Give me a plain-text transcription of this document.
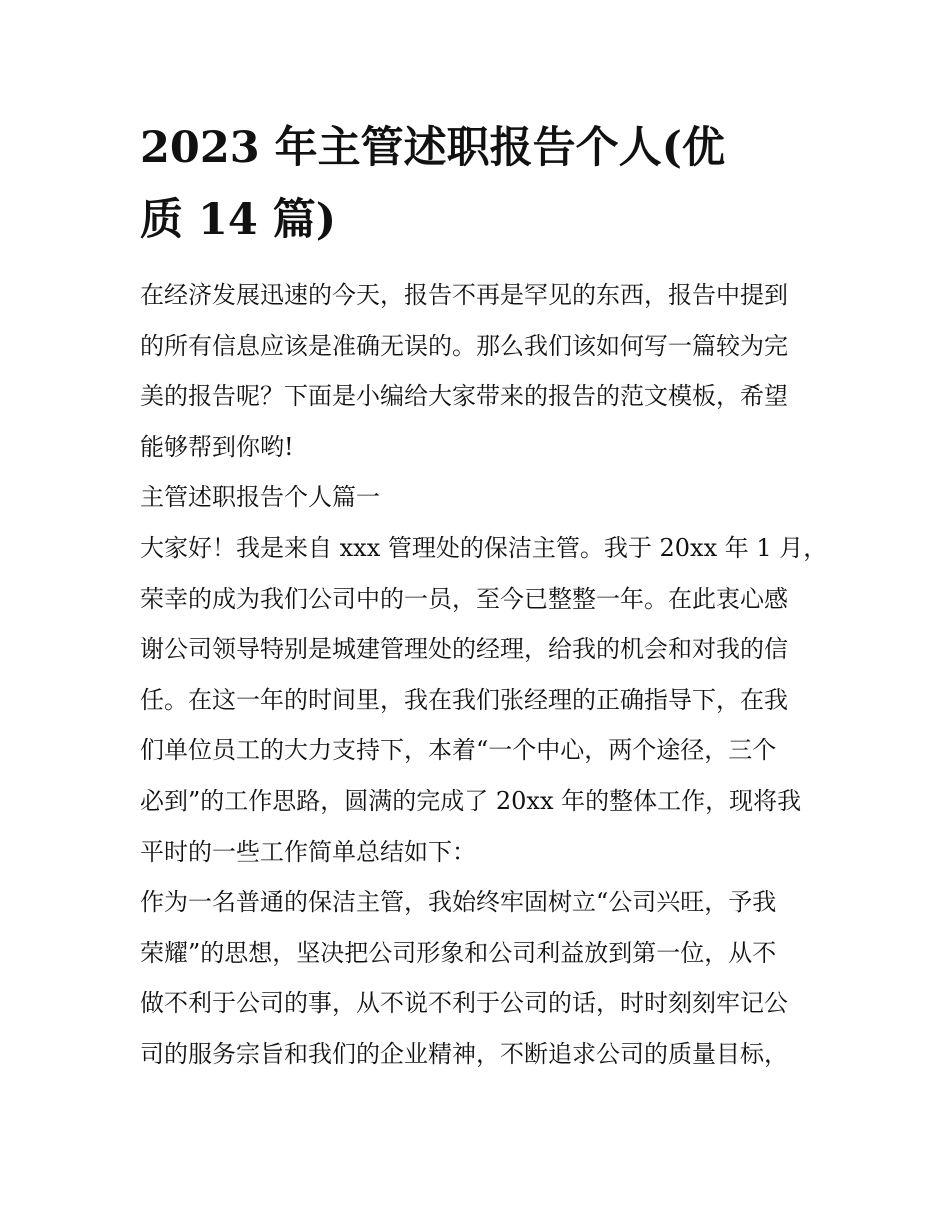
2023 年主管述职报告个人(优
质 14 篇)

在经济发展迅速的今天，报告不再是罕见的东西，报告中提到
的所有信息应该是准确无误的。那么我们该如何写一篇较为完
美的报告呢？下面是小编给大家带来的报告的范文模板，希望
能够帮到你哟!

主管述职报告个人篇一

大家好！我是来自 xxx 管理处的保洁主管。我于 20xx 年 1 月，
荣幸的成为我们公司中的一员，至今已整整一年。在此衷心感
谢公司领导特别是城建管理处的经理，给我的机会和对我的信
任。在这一年的时间里，我在我们张经理的正确指导下，在我
们单位员工的大力支持下，本着“一个中心，两个途径，三个
必到”的工作思路，圆满的完成了 20xx 年的整体工作，现将我
平时的一些工作简单总结如下：

作为一名普通的保洁主管，我始终牢固树立“公司兴旺，予我
荣耀”的思想，坚决把公司形象和公司利益放到第一位，从不
做不利于公司的事，从不说不利于公司的话，时时刻刻牢记公
司的服务宗旨和我们的企业精神，不断追求公司的质量目标，
